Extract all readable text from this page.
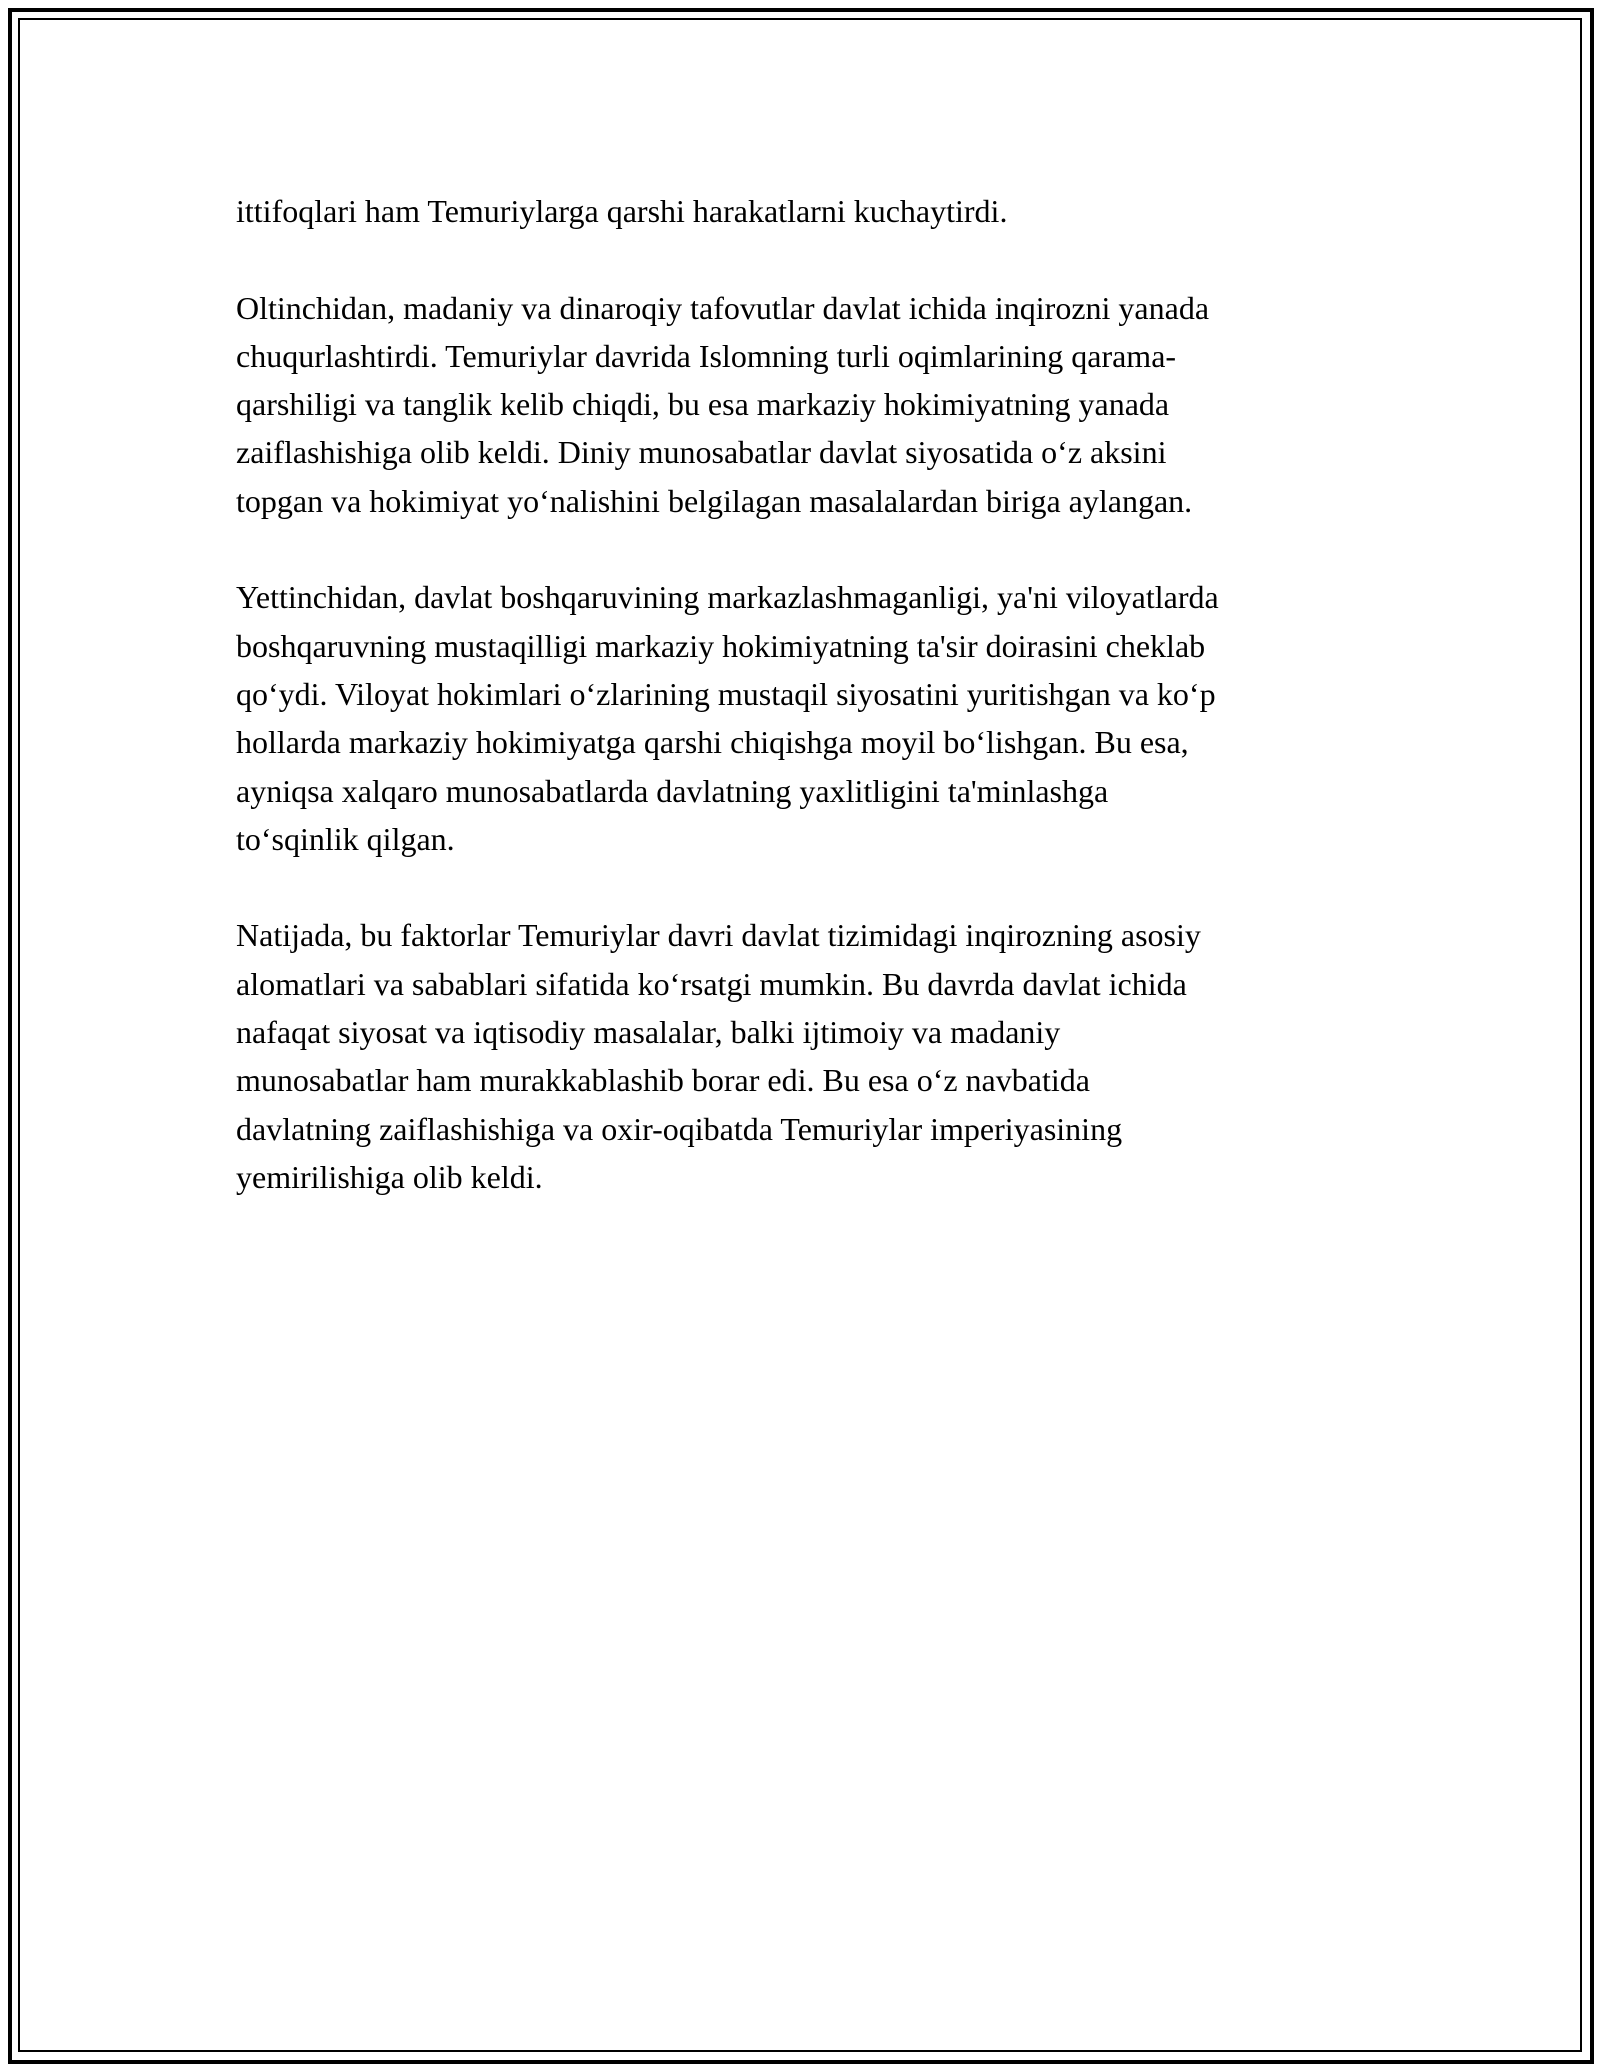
ittifoqlari ham Temuriylarga qarshi harakatlarni kuchaytirdi.

Oltinchidan, madaniy va dinaroqiy tafovutlar davlat ichida inqirozni yanada
chuqurlashtirdi. Temuriylar davrida Islomning turli oqimlarining qarama-
qarshiligi va tanglik kelib chiqdi, bu esa markaziy hokimiyatning yanada
zaiflashishiga olib keldi. Diniy munosabatlar davlat siyosatida o‘z aksini
topgan va hokimiyat yo‘nalishini belgilagan masalalardan biriga aylangan.

Yettinchidan, davlat boshqaruvining markazlashmaganligi, ya'ni viloyatlarda
boshqaruvning mustaqilligi markaziy hokimiyatning ta'sir doirasini cheklab
qo‘ydi. Viloyat hokimlari o‘zlarining mustaqil siyosatini yuritishgan va ko‘p
hollarda markaziy hokimiyatga qarshi chiqishga moyil bo‘lishgan. Bu esa,
ayniqsa xalqaro munosabatlarda davlatning yaxlitligini ta'minlashga
to‘sqinlik qilgan.

Natijada, bu faktorlar Temuriylar davri davlat tizimidagi inqirozning asosiy
alomatlari va sabablari sifatida ko‘rsatgi mumkin. Bu davrda davlat ichida
nafaqat siyosat va iqtisodiy masalalar, balki ijtimoiy va madaniy
munosabatlar ham murakkablashib borar edi. Bu esa o‘z navbatida
davlatning zaiflashishiga va oxir-oqibatda Temuriylar imperiyasining
yemirilishiga olib keldi.
